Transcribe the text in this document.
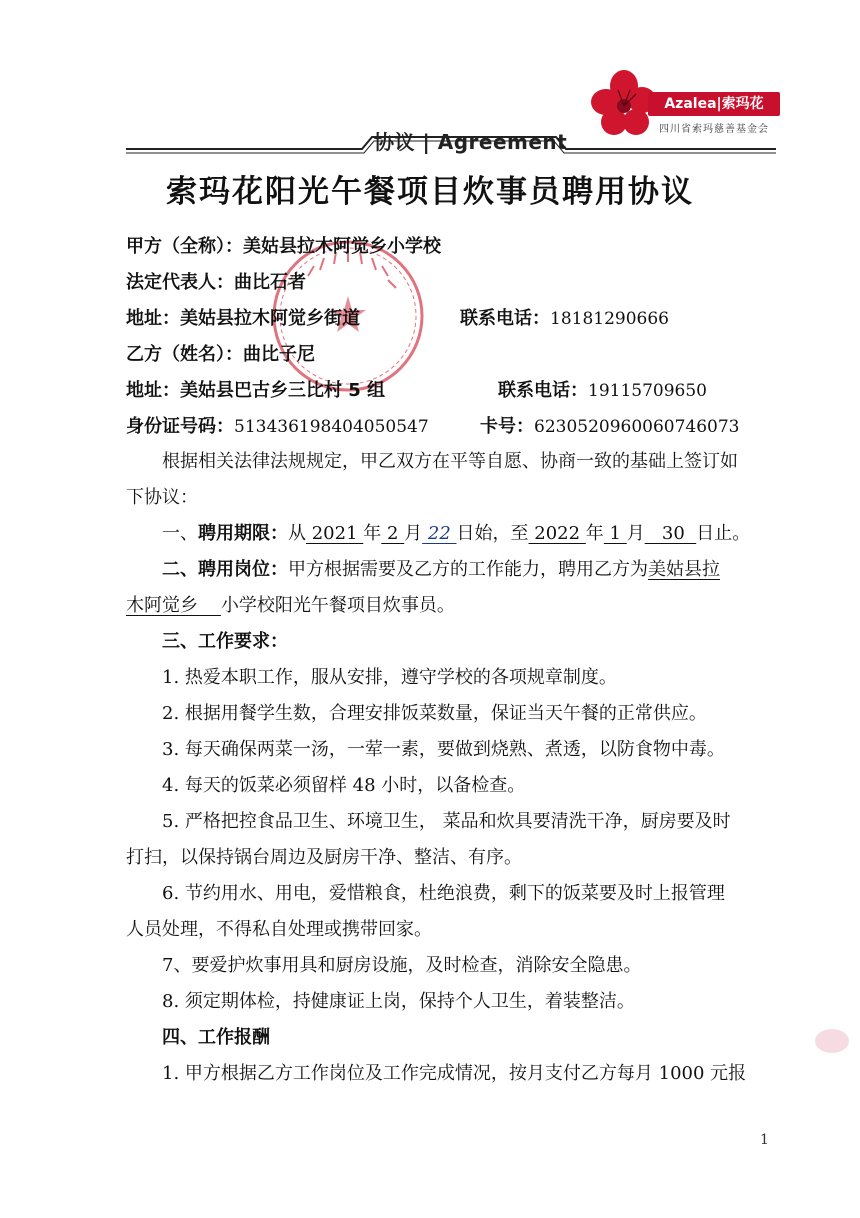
Azalea|索玛花
四川省索玛慈善基金会
协议 | Agreement
索玛花阳光午餐项目炊事员聘用协议
甲方（全称）：美姑县拉木阿觉乡小学校
法定代表人：曲比石者
地址：美姑县拉木阿觉乡街道	联系电话：18181290666
乙方（姓名）：曲比子尼
地址：美姑县巴古乡三比村 5 组	联系电话：19115709650
身份证号码：513436198404050547	卡号：6230520960060746073
根据相关法律法规规定，甲乙双方在平等自愿、协商一致的基础上签订如
下协议：
一、聘用期限：从 2021 年 2 月 22 日始，至 2022 年 1 月   30  日止。
二、聘用岗位：甲方根据需要及乙方的工作能力，聘用乙方为美姑县拉
木阿觉乡    小学校阳光午餐项目炊事员。
三、工作要求：
1. 热爱本职工作，服从安排，遵守学校的各项规章制度。
2. 根据用餐学生数，合理安排饭菜数量，保证当天午餐的正常供应。
3. 每天确保两菜一汤，一荤一素，要做到烧熟、煮透，以防食物中毒。
4. 每天的饭菜必须留样 48 小时，以备检查。
5. 严格把控食品卫生、环境卫生， 菜品和炊具要清洗干净，厨房要及时
打扫，以保持锅台周边及厨房干净、整洁、有序。
6. 节约用水、用电，爱惜粮食，杜绝浪费，剩下的饭菜要及时上报管理
人员处理，不得私自处理或携带回家。
7、要爱护炊事用具和厨房设施，及时检查，消除安全隐患。
8. 须定期体检，持健康证上岗，保持个人卫生，着装整洁。
四、工作报酬
1. 甲方根据乙方工作岗位及工作完成情况，按月支付乙方每月 1000 元报
1
